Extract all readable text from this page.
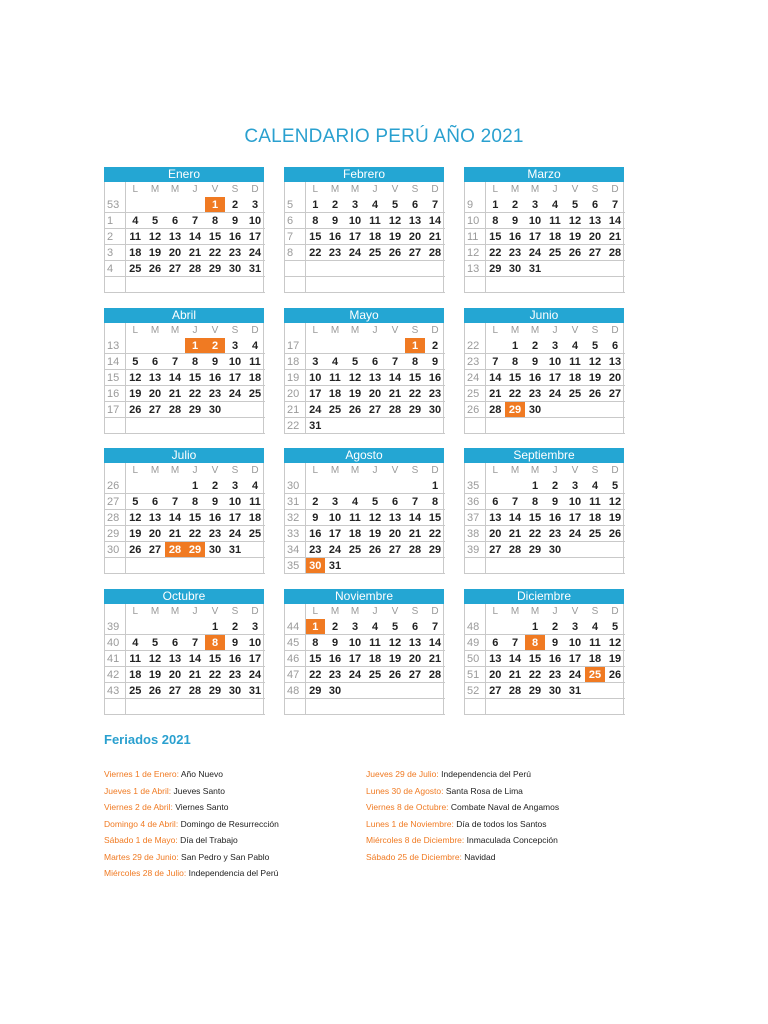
CALENDARIO PERÚ AÑO 2021
Enero
	L	M	M	J	V	S	D
53					1	2	3
1	4	5	6	7	8	9	10
2	11	12	13	14	15	16	17
3	18	19	20	21	22	23	24
4	25	26	27	28	29	30	31

Febrero
	L	M	M	J	V	S	D
5	1	2	3	4	5	6	7
6	8	9	10	11	12	13	14
7	15	16	17	18	19	20	21
8	22	23	24	25	26	27	28

Marzo
	L	M	M	J	V	S	D
9	1	2	3	4	5	6	7
10	8	9	10	11	12	13	14
11	15	16	17	18	19	20	21
12	22	23	24	25	26	27	28
13	29	30	31				

Abril
	L	M	M	J	V	S	D
13				1	2	3	4
14	5	6	7	8	9	10	11
15	12	13	14	15	16	17	18
16	19	20	21	22	23	24	25
17	26	27	28	29	30		

Mayo
	L	M	M	J	V	S	D
17						1	2
18	3	4	5	6	7	8	9
19	10	11	12	13	14	15	16
20	17	18	19	20	21	22	23
21	24	25	26	27	28	29	30
22	31						
Junio
	L	M	M	J	V	S	D
22		1	2	3	4	5	6
23	7	8	9	10	11	12	13
24	14	15	16	17	18	19	20
25	21	22	23	24	25	26	27
26	28	29	30				

Julio
	L	M	M	J	V	S	D
26				1	2	3	4
27	5	6	7	8	9	10	11
28	12	13	14	15	16	17	18
29	19	20	21	22	23	24	25
30	26	27	28	29	30	31	

Agosto
	L	M	M	J	V	S	D
30							1
31	2	3	4	5	6	7	8
32	9	10	11	12	13	14	15
33	16	17	18	19	20	21	22
34	23	24	25	26	27	28	29
35	30	31					
Septiembre
	L	M	M	J	V	S	D
35			1	2	3	4	5
36	6	7	8	9	10	11	12
37	13	14	15	16	17	18	19
38	20	21	22	23	24	25	26
39	27	28	29	30			

Octubre
	L	M	M	J	V	S	D
39					1	2	3
40	4	5	6	7	8	9	10
41	11	12	13	14	15	16	17
42	18	19	20	21	22	23	24
43	25	26	27	28	29	30	31

Noviembre
	L	M	M	J	V	S	D
44	1	2	3	4	5	6	7
45	8	9	10	11	12	13	14
46	15	16	17	18	19	20	21
47	22	23	24	25	26	27	28
48	29	30					

Diciembre
	L	M	M	J	V	S	D
48			1	2	3	4	5
49	6	7	8	9	10	11	12
50	13	14	15	16	17	18	19
51	20	21	22	23	24	25	26
52	27	28	29	30	31		

Feriados 2021
Viernes 1 de Enero: Año Nuevo
Jueves 1 de Abril: Jueves Santo
Viernes 2 de Abril: Viernes Santo
Domingo 4 de Abril: Domingo de Resurrección
Sábado 1 de Mayo: Día del Trabajo
Martes 29 de Junio: San Pedro y San Pablo
Miércoles 28 de Julio: Independencia del Perú
Jueves 29 de Julio: Independencia del Perú
Lunes 30 de Agosto: Santa Rosa de Lima
Viernes 8 de Octubre: Combate Naval de Angamos
Lunes 1 de Noviembre: Día de todos los Santos
Miércoles 8 de Diciembre: Inmaculada Concepción
Sábado 25 de Diciembre: Navidad
